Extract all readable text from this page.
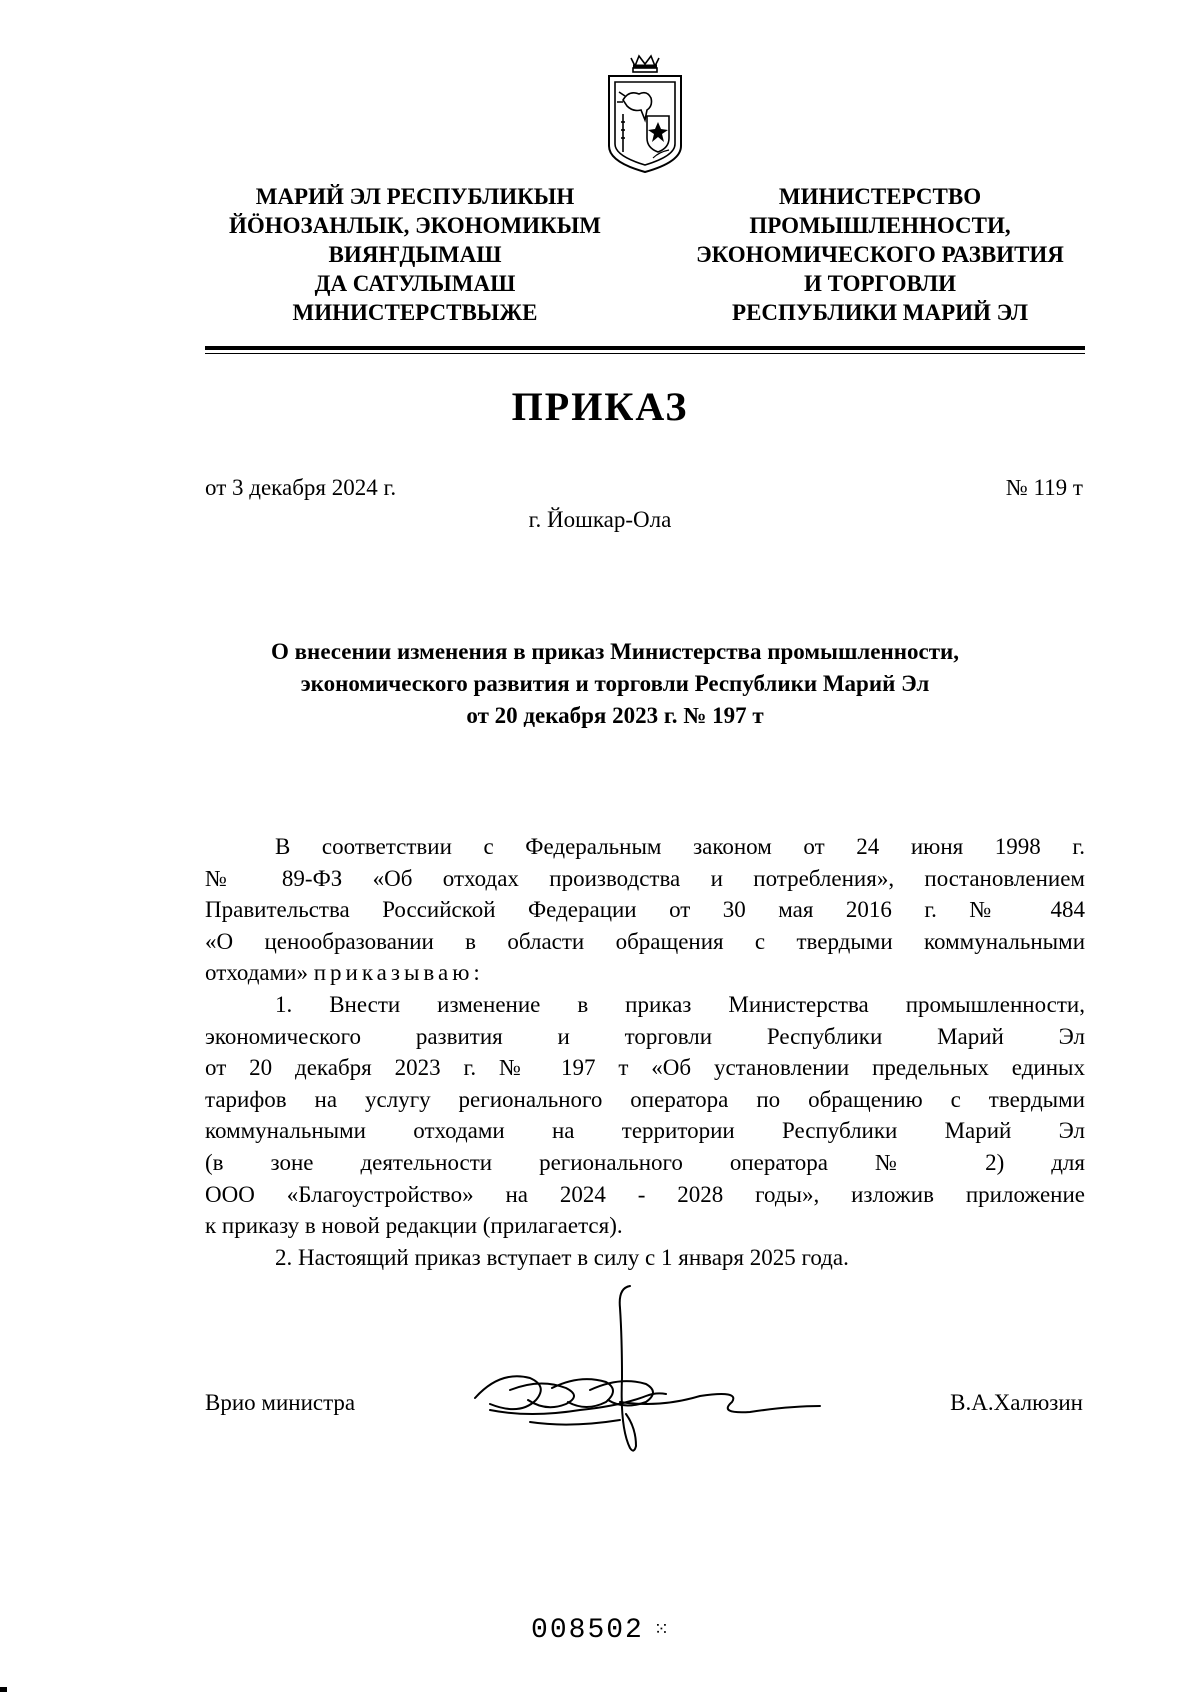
МАРИЙ ЭЛ РЕСПУБЛИКЫН
ЙӦНОЗАНЛЫК, ЭКОНОМИКЫМ
ВИЯҤДЫМАШ
ДА САТУЛЫМАШ
МИНИСТЕРСТВЫЖЕ
МИНИСТЕРСТВО
ПРОМЫШЛЕННОСТИ,
ЭКОНОМИЧЕСКОГО РАЗВИТИЯ
И ТОРГОВЛИ
РЕСПУБЛИКИ МАРИЙ ЭЛ
ПРИКАЗ
от 3 декабря 2024 г.	№ 119 т
г. Йошкар-Ола
О внесении изменения в приказ Министерства промышленности,
экономического развития и торговли Республики Марий Эл
от 20 декабря 2023 г. № 197 т

В соответствии с Федеральным законом от 24 июня 1998 г.

№ 89-ФЗ «Об отходах производства и потребления», постановлением

Правительства Российской Федерации от 30 мая 2016 г. № 484

«О ценообразовании в области обращения с твердыми коммунальными

отходами» приказываю:

1. Внести изменение в приказ Министерства промышленности,

экономического развития и торговли Республики Марий Эл

от 20 декабря 2023 г. № 197 т «Об установлении предельных единых

тарифов на услугу регионального оператора по обращению с твердыми

коммунальными отходами на территории Республики Марий Эл

(в зоне деятельности регионального оператора № 2) для

ООО «Благоустройство» на 2024 - 2028 годы», изложив приложение

к приказу в новой редакции (прилагается).

2. Настоящий приказ вступает в силу с 1 января 2025 года.

Врио министра	В.А.Халюзин
008502 ⁙
